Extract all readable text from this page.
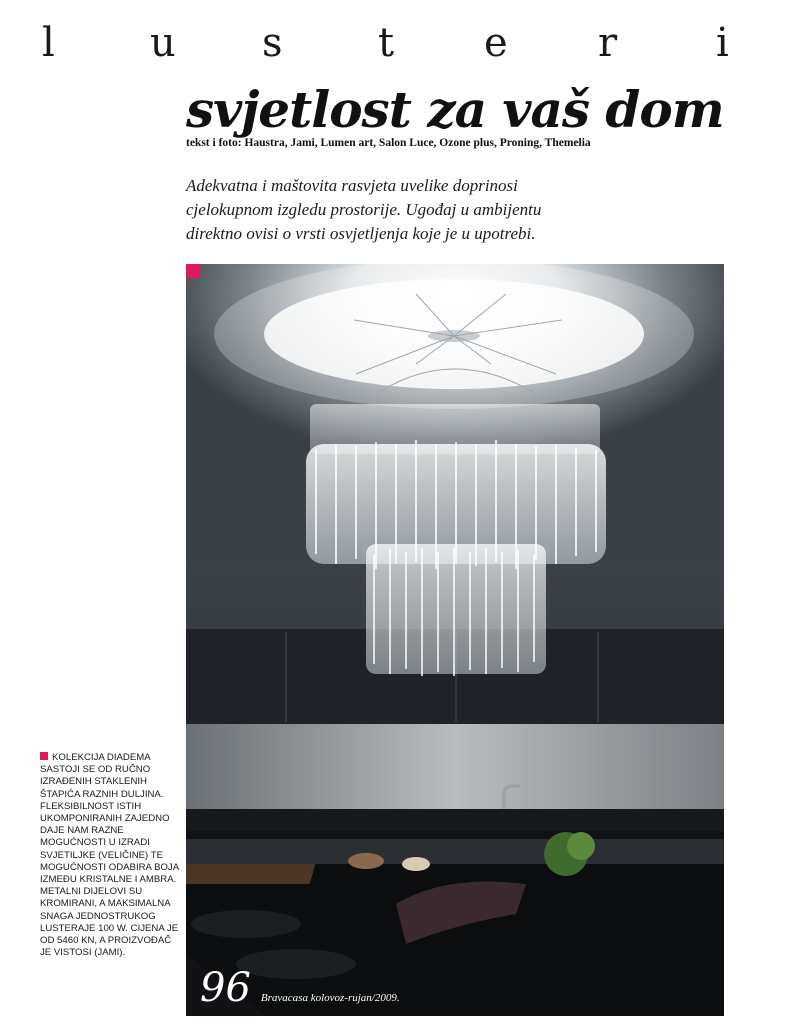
l u s t e r i
svjetlost za vaš dom
tekst i foto: Haustra, Jami, Lumen art, Salon Luce, Ozone plus, Proning, Themelia

Adekvatna i maštovita rasvjeta uvelike doprinosi cjelokupnom izgledu prostorije. Ugođaj u ambijentu direktno ovisi o vrsti osvjetljenja koje je u upotrebi.

KOLEKCIJA DIADEMA SASTOJI SE OD RUČNO IZRAĐENIH STAKLENIH ŠTAPIĆA RAZNIH DULJINA. FLEKSIBILNOST ISTIH UKOMPONIRANIH ZAJEDNO DAJE NAM RAZNE MOGUĆNOSTI U IZRADI SVJETILJKE (VELIČINE) TE MOGUĆNOSTI ODABIRA BOJA IZMEĐU KRISTALNE I AMBRA. METALNI DIJELOVI SU KROMIRANI, A MAKSIMALNA SNAGA JEDNOSTRUKOG LUSTERAJE 100 W. CIJENA JE OD 5460 KN, A PROIZVOĐAČ JE VISTOSI (JAMI).

96 Bravacasa kolovoz-rujan/2009.
